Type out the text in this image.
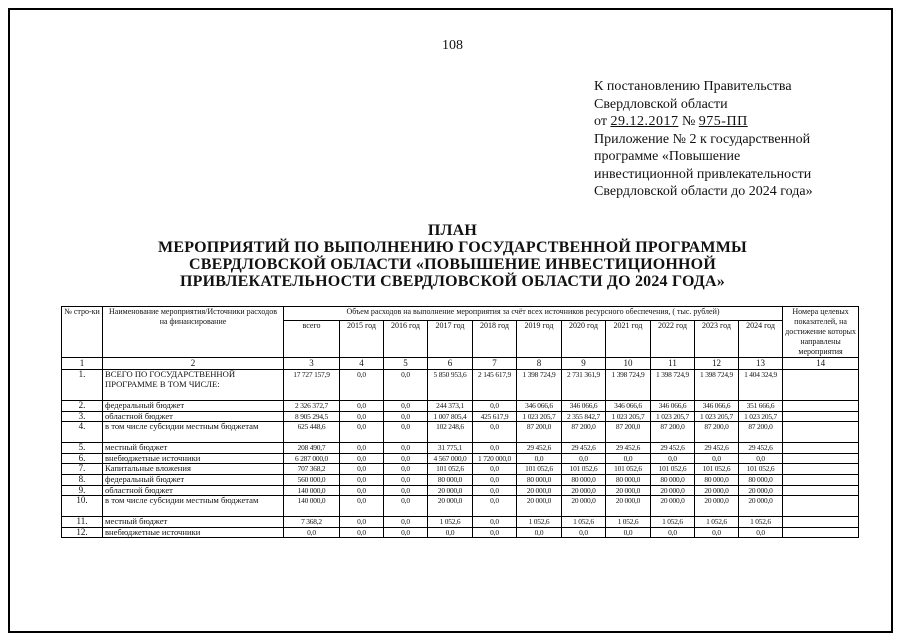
108
К постановлению Правительства
Свердловской области
от 29.12.2017 № 975-ПП
Приложение № 2 к государственной
программе «Повышение
инвестиционной привлекательности
Свердловской области до 2024 года»
ПЛАН
МЕРОПРИЯТИЙ ПО ВЫПОЛНЕНИЮ ГОСУДАРСТВЕННОЙ ПРОГРАММЫ
СВЕРДЛОВСКОЙ ОБЛАСТИ «ПОВЫШЕНИЕ ИНВЕСТИЦИОННОЙ
ПРИВЛЕКАТЕЛЬНОСТИ СВЕРДЛОВСКОЙ ОБЛАСТИ ДО 2024 ГОДА»
№ стро-ки	Наименование мероприятия/Источники расходов на финансирование	Объем расходов на выполнение мероприятия за счёт всех источников ресурсного обеспечения, ( тыс. рублей)											Номера целевых показателей, на достижение которых направлены мероприятия
		всего	2015 год	2016 год	2017 год	2018 год	2019 год	2020 год	2021 год	2022 год	2023 год	2024 год	
1	2	3	4	5	6	7	8	9	10	11	12	13	14
1.	ВСЕГО ПО ГОСУДАРСТВЕННОЙ ПРОГРАММЕ В ТОМ ЧИСЛЕ:	17 727 157,9	0,0	0,0	5 850 953,6	2 145 617,9	1 398 724,9	2 731 361,9	1 398 724,9	1 398 724,9	1 398 724,9	1 404 324,9	
2.	федеральный бюджет	2 326 372,7	0,0	0,0	244 373,1	0,0	346 066,6	346 066,6	346 066,6	346 066,6	346 066,6	351 666,6	
3.	областной бюджет	8 905 294,5	0,0	0,0	1 007 805,4	425 617,9	1 023 205,7	2 355 842,7	1 023 205,7	1 023 205,7	1 023 205,7	1 023 205,7	
4.	в том числе субсидии местным бюджетам	625 448,6	0,0	0,0	102 248,6	0,0	87 200,0	87 200,0	87 200,0	87 200,0	87 200,0	87 200,0	
5.	местный бюджет	208 490,7	0,0	0,0	31 775,1	0,0	29 452,6	29 452,6	29 452,6	29 452,6	29 452,6	29 452,6	
6.	внебюджетные источники	6 287 000,0	0,0	0,0	4 567 000,0	1 720 000,0	0,0	0,0	0,0	0,0	0,0	0,0	
7.	Капитальные вложения	707 368,2	0,0	0,0	101 052,6	0,0	101 052,6	101 052,6	101 052,6	101 052,6	101 052,6	101 052,6	
8.	федеральный бюджет	560 000,0	0,0	0,0	80 000,0	0,0	80 000,0	80 000,0	80 000,0	80 000,0	80 000,0	80 000,0	
9.	областной бюджет	140 000,0	0,0	0,0	20 000,0	0,0	20 000,0	20 000,0	20 000,0	20 000,0	20 000,0	20 000,0	
10.	в том числе субсидии местным бюджетам	140 000,0	0,0	0,0	20 000,0	0,0	20 000,0	20 000,0	20 000,0	20 000,0	20 000,0	20 000,0	
11.	местный бюджет	7 368,2	0,0	0,0	1 052,6	0,0	1 052,6	1 052,6	1 052,6	1 052,6	1 052,6	1 052,6	
12.	внебюджетные источники	0,0	0,0	0,0	0,0	0,0	0,0	0,0	0,0	0,0	0,0	0,0	
